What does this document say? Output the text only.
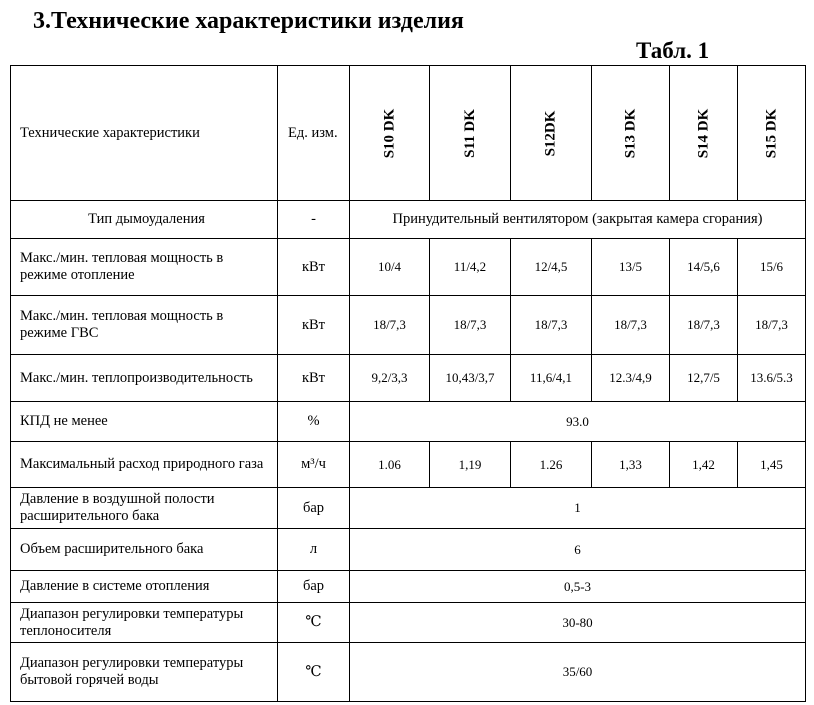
3.Технические характеристики изделия
Табл. 1
Технические характеристики	Ед. изм.	S10 DK	S11 DK	S12DK	S13 DK	S14 DK	S15 DK
Тип дымоудаления	-	Принудительный вентилятором (закрытая камера сгорания)					
Макс./мин. тепловая мощность в режиме отопление	кВт	10/4	11/4,2	12/4,5	13/5	14/5,6	15/6
Макс./мин. тепловая мощность в режиме ГВС	кВт	18/7,3	18/7,3	18/7,3	18/7,3	18/7,3	18/7,3
Макс./мин. теплопроизводительность	кВт	9,2/3,3	10,43/3,7	11,6/4,1	12.3/4,9	12,7/5	13.6/5.3
КПД не менее	%	93.0					
Максимальный расход природного газа	м³/ч	1.06	1,19	1.26	1,33	1,42	1,45
Давление в воздушной полости расширительного бака	бар	1					
Объем расширительного бака	л	6					
Давление в системе отопления	бар	0,5-3					
Диапазон регулировки температуры теплоносителя	℃	30-80					
Диапазон регулировки температуры бытовой горячей воды	℃	35/60					
